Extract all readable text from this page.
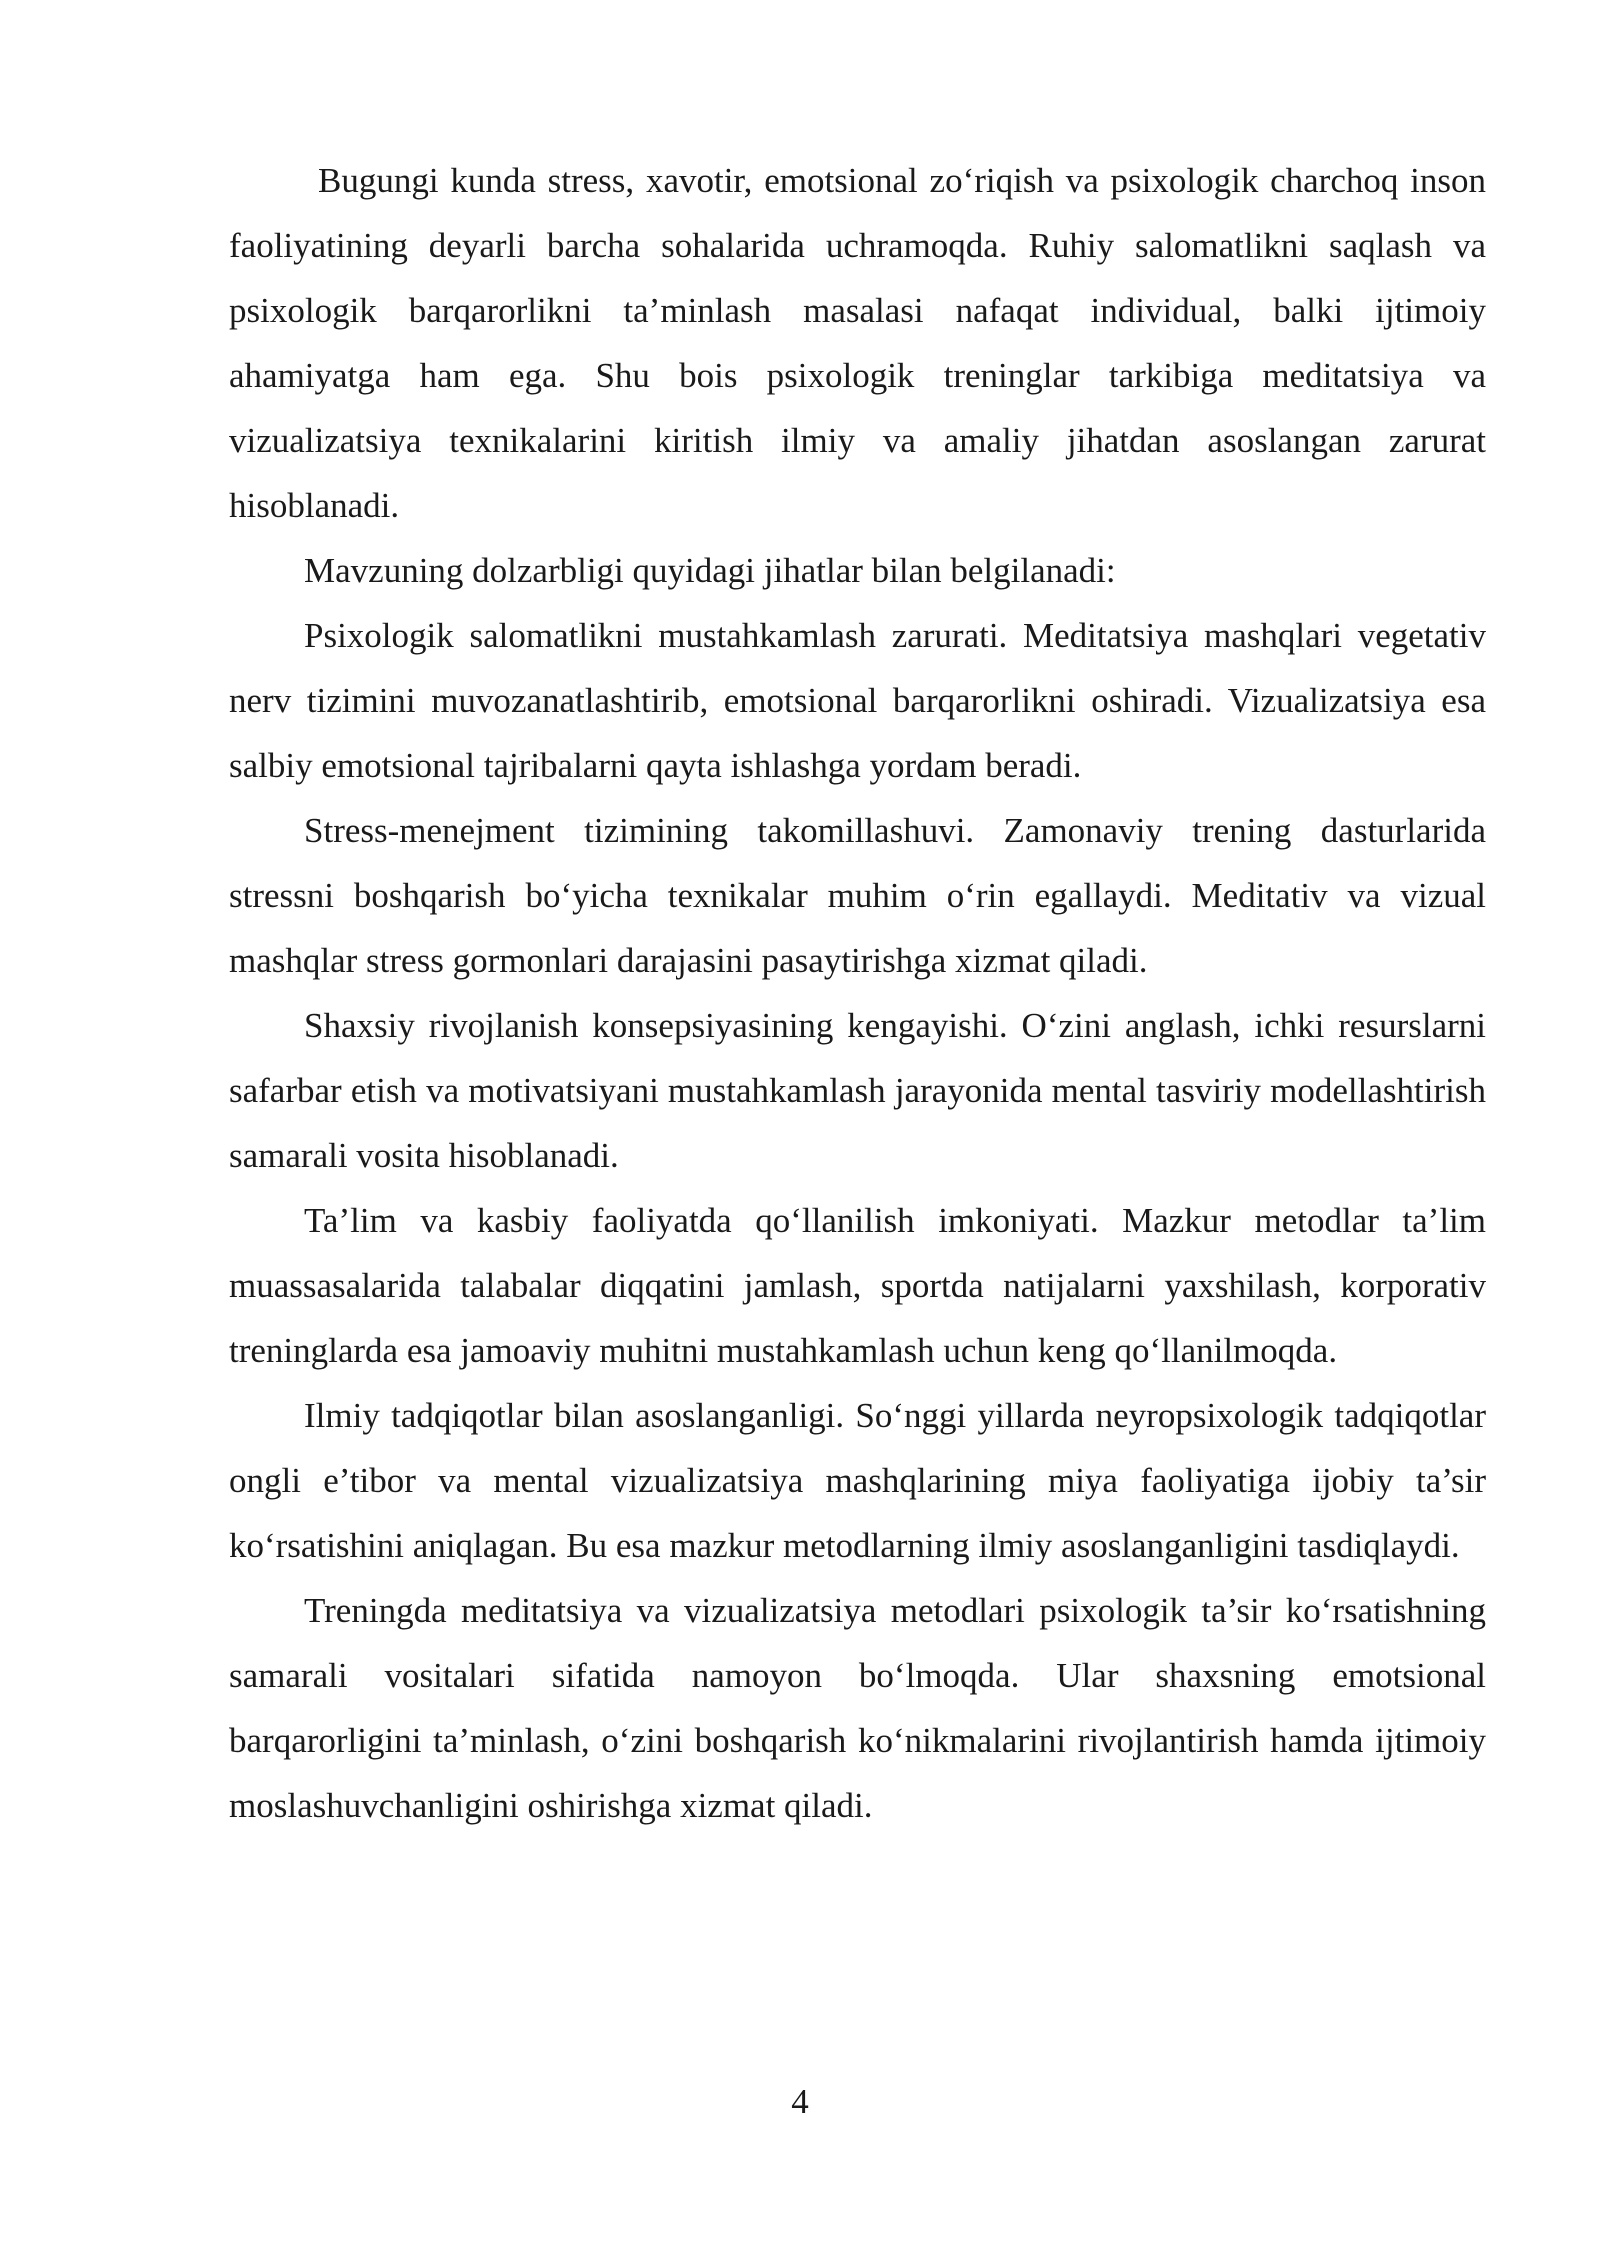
Bugungi kunda stress, xavotir, emotsional zo‘riqish va psixologik charchoq inson faoliyatining deyarli barcha sohalarida uchramoqda. Ruhiy salomatlikni saqlash va psixologik barqarorlikni ta’minlash masalasi nafaqat individual, balki ijtimoiy ahamiyatga ham ega. Shu bois psixologik treninglar tarkibiga meditatsiya va vizualizatsiya texnikalarini kiritish ilmiy va amaliy jihatdan asoslangan zarurat hisoblanadi.

Mavzuning dolzarbligi quyidagi jihatlar bilan belgilanadi:

Psixologik salomatlikni mustahkamlash zarurati. Meditatsiya mashqlari vegetativ nerv tizimini muvozanatlashtirib, emotsional barqarorlikni oshiradi. Vizualizatsiya esa salbiy emotsional tajribalarni qayta ishlashga yordam beradi.

Stress-menejment tizimining takomillashuvi. Zamonaviy trening dasturlarida stressni boshqarish bo‘yicha texnikalar muhim o‘rin egallaydi. Meditativ va vizual mashqlar stress gormonlari darajasini pasaytirishga xizmat qiladi.

Shaxsiy rivojlanish konsepsiyasining kengayishi. O‘zini anglash, ichki resurslarni safarbar etish va motivatsiyani mustahkamlash jarayonida mental tasviriy modellashtirish samarali vosita hisoblanadi.

Ta’lim va kasbiy faoliyatda qo‘llanilish imkoniyati. Mazkur metodlar ta’lim muassasalarida talabalar diqqatini jamlash, sportda natijalarni yaxshilash, korporativ treninglarda esa jamoaviy muhitni mustahkamlash uchun keng qo‘llanilmoqda.

Ilmiy tadqiqotlar bilan asoslanganligi. So‘nggi yillarda neyropsixologik tadqiqotlar ongli e’tibor va mental vizualizatsiya mashqlarining miya faoliyatiga ijobiy ta’sir ko‘rsatishini aniqlagan. Bu esa mazkur metodlarning ilmiy asoslanganligini tasdiqlaydi.

Treningda meditatsiya va vizualizatsiya metodlari psixologik ta’sir ko‘rsatishning samarali vositalari sifatida namoyon bo‘lmoqda. Ular shaxsning emotsional barqarorligini ta’minlash, o‘zini boshqarish ko‘nikmalarini rivojlantirish hamda ijtimoiy moslashuvchanligini oshirishga xizmat qiladi.

4
